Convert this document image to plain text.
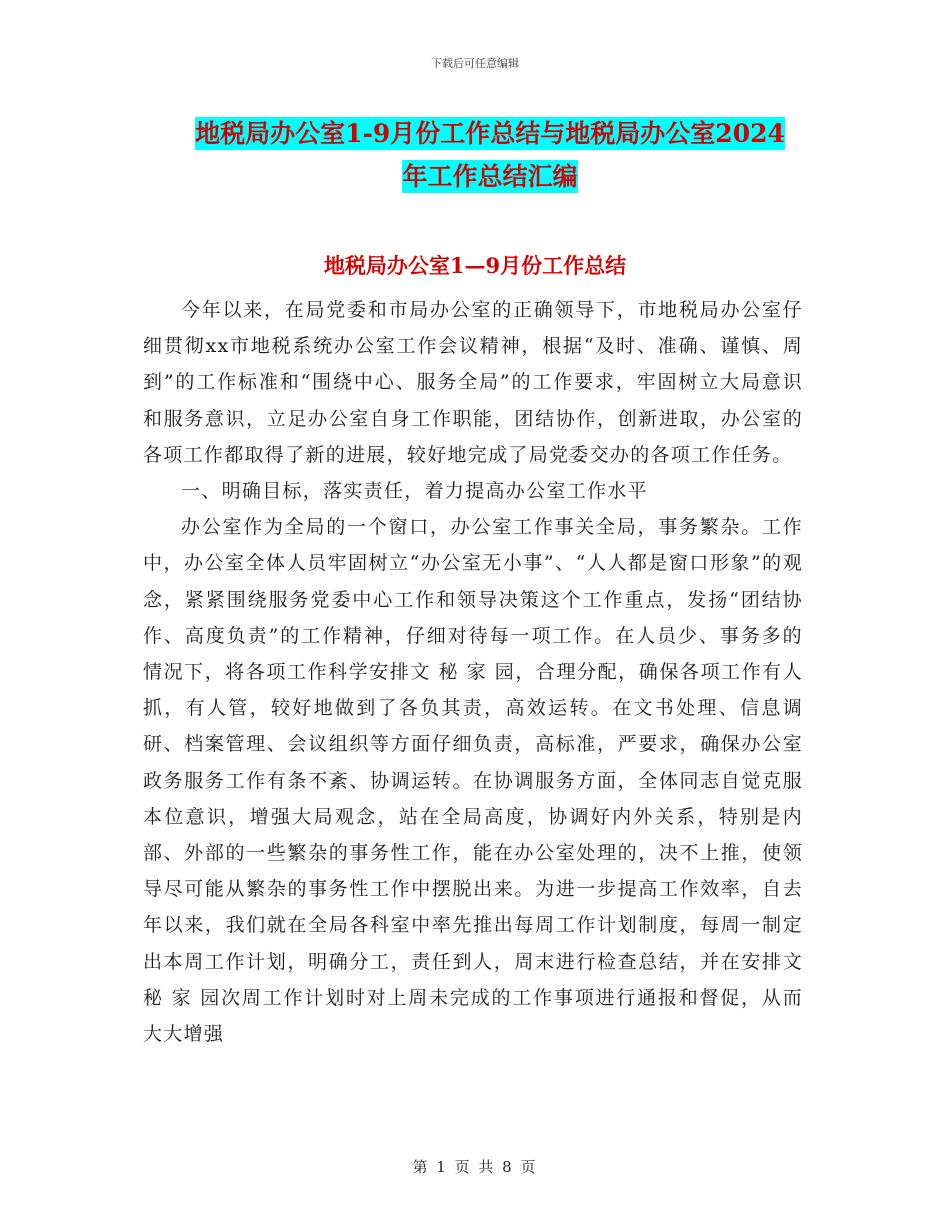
下载后可任意编辑
地税局办公室1-9月份工作总结与地税局办公室2024
年工作总结汇编
地税局办公室1—9月份工作总结

今年以来，在局党委和市局办公室的正确领导下，市地税局办公室仔细贯彻xx市地税系统办公室工作会议精神，根据“及时、准确、谨慎、周到”的工作标准和“围绕中心、服务全局”的工作要求，牢固树立大局意识和服务意识，立足办公室自身工作职能，团结协作，创新进取，办公室的各项工作都取得了新的进展，较好地完成了局党委交办的各项工作任务。

一、明确目标，落实责任，着力提高办公室工作水平

办公室作为全局的一个窗口，办公室工作事关全局，事务繁杂。工作中，办公室全体人员牢固树立“办公室无小事”、“人人都是窗口形象”的观念，紧紧围绕服务党委中心工作和领导决策这个工作重点，发扬“团结协作、高度负责”的工作精神，仔细对待每一项工作。在人员少、事务多的情况下，将各项工作科学安排文 秘 家 园，合理分配，确保各项工作有人抓，有人管，较好地做到了各负其责，高效运转。在文书处理、信息调研、档案管理、会议组织等方面仔细负责，高标准，严要求，确保办公室政务服务工作有条不紊、协调运转。在协调服务方面，全体同志自觉克服本位意识，增强大局观念，站在全局高度，协调好内外关系，特别是内部、外部的一些繁杂的事务性工作，能在办公室处理的，决不上推，使领导尽可能从繁杂的事务性工作中摆脱出来。为进一步提高工作效率，自去年以来，我们就在全局各科室中率先推出每周工作计划制度，每周一制定出本周工作计划，明确分工，责任到人，周末进行检查总结，并在安排文 秘 家 园次周工作计划时对上周未完成的工作事项进行通报和督促，从而大大增强

第 1 页 共 8 页
